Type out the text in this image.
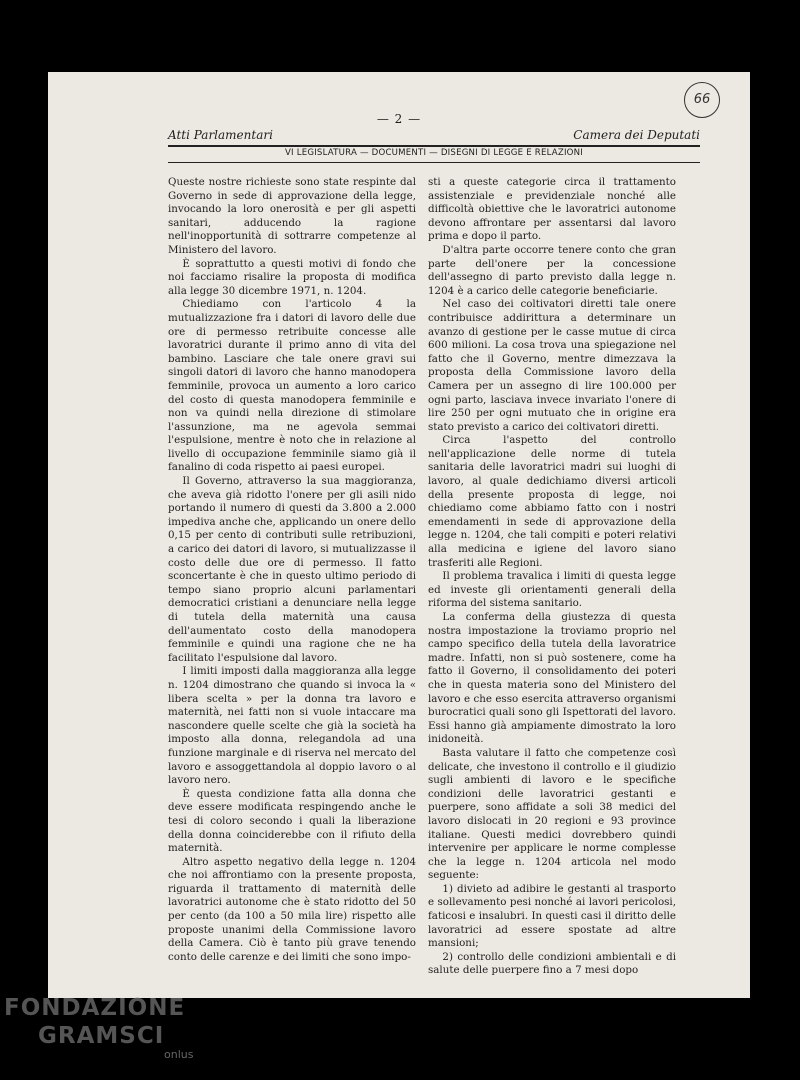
66
— 2 —
Atti Parlamentari	Camera dei Deputati
VI LEGISLATURA — DOCUMENTI — DISEGNI DI LEGGE E RELAZIONI

Queste nostre richieste sono state respinte dal Governo in sede di approvazione della legge, invocando la loro onerosità e per gli aspetti sanitari, adducendo la ragione nell'inopportunità di sottrarre competenze al Ministero del lavoro.

È soprattutto a questi motivi di fondo che noi facciamo risalire la proposta di modifica alla legge 30 dicembre 1971, n. 1204.

Chiediamo con l'articolo 4 la mutualizzazione fra i datori di lavoro delle due ore di permesso retribuite concesse alle lavoratrici durante il primo anno di vita del bambino. Lasciare che tale onere gravi sui singoli datori di lavoro che hanno manodopera femminile, provoca un aumento a loro carico del costo di questa manodopera femminile e non va quindi nella direzione di stimolare l'assunzione, ma ne agevola semmai l'espulsione, mentre è noto che in relazione al livello di occupazione femminile siamo già il fanalino di coda rispetto ai paesi europei.

Il Governo, attraverso la sua maggioranza, che aveva già ridotto l'onere per gli asili nido portando il numero di questi da 3.800 a 2.000 impediva anche che, applicando un onere dello 0,15 per cento di contributi sulle retribuzioni, a carico dei datori di lavoro, si mutualizzasse il costo delle due ore di permesso. Il fatto sconcertante è che in questo ultimo periodo di tempo siano proprio alcuni parlamentari democratici cristiani a denunciare nella legge di tutela della maternità una causa dell'aumentato costo della manodopera femminile e quindi una ragione che ne ha facilitato l'espulsione dal lavoro.

I limiti imposti dalla maggioranza alla legge n. 1204 dimostrano che quando si invoca la « libera scelta » per la donna tra lavoro e maternità, nei fatti non si vuole intaccare ma nascondere quelle scelte che già la società ha imposto alla donna, relegandola ad una funzione marginale e di riserva nel mercato del lavoro e assoggettandola al doppio lavoro o al lavoro nero.

È questa condizione fatta alla donna che deve essere modificata respingendo anche le tesi di coloro secondo i quali la liberazione della donna coinciderebbe con il rifiuto della maternità.

Altro aspetto negativo della legge n. 1204 che noi affrontiamo con la presente proposta, riguarda il trattamento di maternità delle lavoratrici autonome che è stato ridotto del 50 per cento (da 100 a 50 mila lire) rispetto alle proposte unanimi della Commissione lavoro della Camera. Ciò è tanto più grave tenendo conto delle carenze e dei limiti che sono impo-

sti a queste categorie circa il trattamento assistenziale e previdenziale nonché alle difficoltà obiettive che le lavoratrici autonome devono affrontare per assentarsi dal lavoro prima e dopo il parto.

D'altra parte occorre tenere conto che gran parte dell'onere per la concessione dell'assegno di parto previsto dalla legge n. 1204 è a carico delle categorie beneficiarie.

Nel caso dei coltivatori diretti tale onere contribuisce addirittura a determinare un avanzo di gestione per le casse mutue di circa 600 milioni. La cosa trova una spiegazione nel fatto che il Governo, mentre dimezzava la proposta della Commissione lavoro della Camera per un assegno di lire 100.000 per ogni parto, lasciava invece invariato l'onere di lire 250 per ogni mutuato che in origine era stato previsto a carico dei coltivatori diretti.

Circa l'aspetto del controllo nell'applicazione delle norme di tutela sanitaria delle lavoratrici madri sui luoghi di lavoro, al quale dedichiamo diversi articoli della presente proposta di legge, noi chiediamo come abbiamo fatto con i nostri emendamenti in sede di approvazione della legge n. 1204, che tali compiti e poteri relativi alla medicina e igiene del lavoro siano trasferiti alle Regioni.

Il problema travalica i limiti di questa legge ed investe gli orientamenti generali della riforma del sistema sanitario.

La conferma della giustezza di questa nostra impostazione la troviamo proprio nel campo specifico della tutela della lavoratrice madre. Infatti, non si può sostenere, come ha fatto il Governo, il consolidamento dei poteri che in questa materia sono del Ministero del lavoro e che esso esercita attraverso organismi burocratici quali sono gli Ispettorati del lavoro. Essi hanno già ampiamente dimostrato la loro inidoneità.

Basta valutare il fatto che competenze così delicate, che investono il controllo e il giudizio sugli ambienti di lavoro e le specifiche condizioni delle lavoratrici gestanti e puerpere, sono affidate a soli 38 medici del lavoro dislocati in 20 regioni e 93 province italiane. Questi medici dovrebbero quindi intervenire per applicare le norme complesse che la legge n. 1204 articola nel modo seguente:

1) divieto ad adibire le gestanti al trasporto e sollevamento pesi nonché ai lavori pericolosi, faticosi e insalubri. In questi casi il diritto delle lavoratrici ad essere spostate ad altre mansioni;

2) controllo delle condizioni ambientali e di salute delle puerpere fino a 7 mesi dopo

FONDAZIONE
GRAMSCI
onlus
